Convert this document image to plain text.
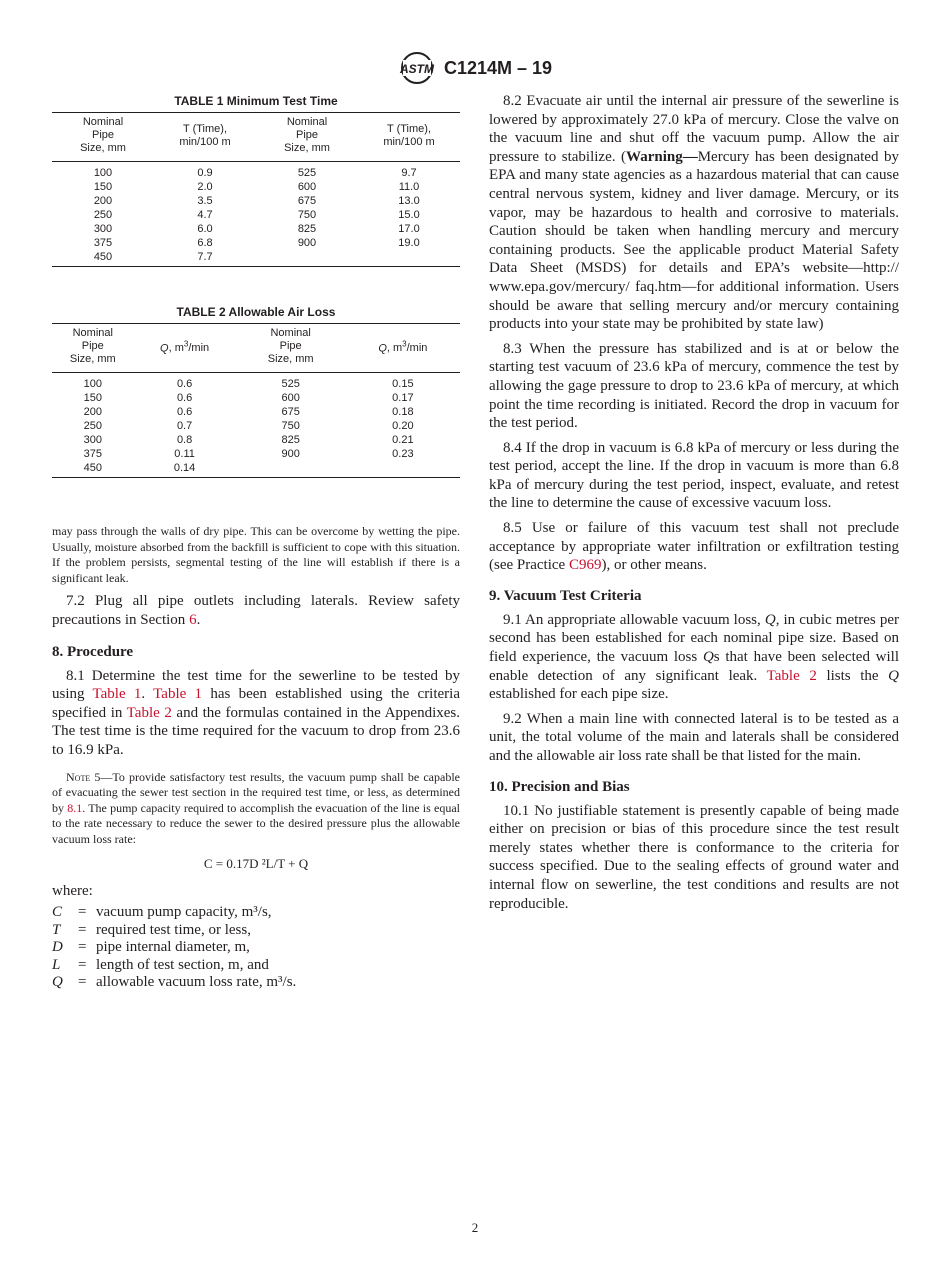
ASTM C1214M – 19
TABLE 1 Minimum Test Time
Nominal
Pipe
Size, mm	T (Time),
min/100 m	Nominal
Pipe
Size, mm	T (Time),
min/100 m
100	0.9	525	9.7
150	2.0	600	11.0
200	3.5	675	13.0
250	4.7	750	15.0
300	6.0	825	17.0
375	6.8	900	19.0
450	7.7		
TABLE 2 Allowable Air Loss
Nominal
Pipe
Size, mm	Q, $m^3/\min$	Nominal
Pipe
Size, mm	Q, $m^3/\min$
100	0.6	525	0.15
150	0.6	600	0.17
200	0.6	675	0.18
250	0.7	750	0.20
300	0.8	825	0.21
375	0.11	900	0.23
450	0.14		

may pass through the walls of dry pipe. This can be overcome by wetting the pipe. Usually, moisture absorbed from the backfill is sufficient to cope with this situation. If the problem persists, segmental testing of the line will establish if there is a significant leak.

7.2 Plug all pipe outlets including laterals. Review safety precautions in Section 6.

8. Procedure

8.1 Determine the test time for the sewerline to be tested by using Table 1. Table 1 has been established using the criteria specified in Table 2 and the formulas contained in the Appendixes. The test time is the time required for the vacuum to drop from 23.6 to 16.9 kPa.

Note 5—To provide satisfactory test results, the vacuum pump shall be capable of evacuating the sewer test section in the required test time, or less, as determined by 8.1. The pump capacity required to accomplish the evacuation of the line is equal to the rate necessary to reduce the sewer to the desired pressure plus the allowable vacuum loss rate:

C = 0.17D ²L/T + Q

where:

C	= vacuum pump capacity, m³/s,
T	= required test time, or less,
D	= pipe internal diameter, m,
L	= length of test section, m, and
Q	= allowable vacuum loss rate, m³/s.

8.2 Evacuate air until the internal air pressure of the sewerline is lowered by approximately 27.0 kPa of mercury. Close the valve on the vacuum line and shut off the vacuum pump. Allow the air pressure to stabilize. (Warning—Mercury has been designated by EPA and many state agencies as a hazardous material that can cause central nervous system, kidney and liver damage. Mercury, or its vapor, may be hazardous to health and corrosive to materials. Caution should be taken when handling mercury and mercury containing products. See the applicable product Material Safety Data Sheet (MSDS) for details and EPA’s website—http:// www.epa.gov/mercury/ faq.htm—for additional information. Users should be aware that selling mercury and/or mercury containing products into your state may be prohibited by state law)

8.3 When the pressure has stabilized and is at or below the starting test vacuum of 23.6 kPa of mercury, commence the test by allowing the gage pressure to drop to 23.6 kPa of mercury, at which point the time recording is initiated. Record the drop in vacuum for the test period.

8.4 If the drop in vacuum is 6.8 kPa of mercury or less during the test period, accept the line. If the drop in vacuum is more than 6.8 kPa of mercury during the test period, inspect, evaluate, and retest the line to determine the cause of excessive vacuum loss.

8.5 Use or failure of this vacuum test shall not preclude acceptance by appropriate water infiltration or exfiltration testing (see Practice C969), or other means.

9. Vacuum Test Criteria

9.1 An appropriate allowable vacuum loss, Q, in cubic metres per second has been established for each nominal pipe size. Based on field experience, the vacuum loss Qs that have been selected will enable detection of any significant leak. Table 2 lists the Q established for each pipe size.

9.2 When a main line with connected lateral is to be tested as a unit, the total volume of the main and laterals shall be considered and the allowable air loss rate shall be that listed for the main.

10. Precision and Bias

10.1 No justifiable statement is presently capable of being made either on precision or bias of this procedure since the test result merely states whether there is conformance to the criteria for success specified. Due to the sealing effects of ground water and internal flow on sewerline, the test conditions and results are not reproducible.

2
